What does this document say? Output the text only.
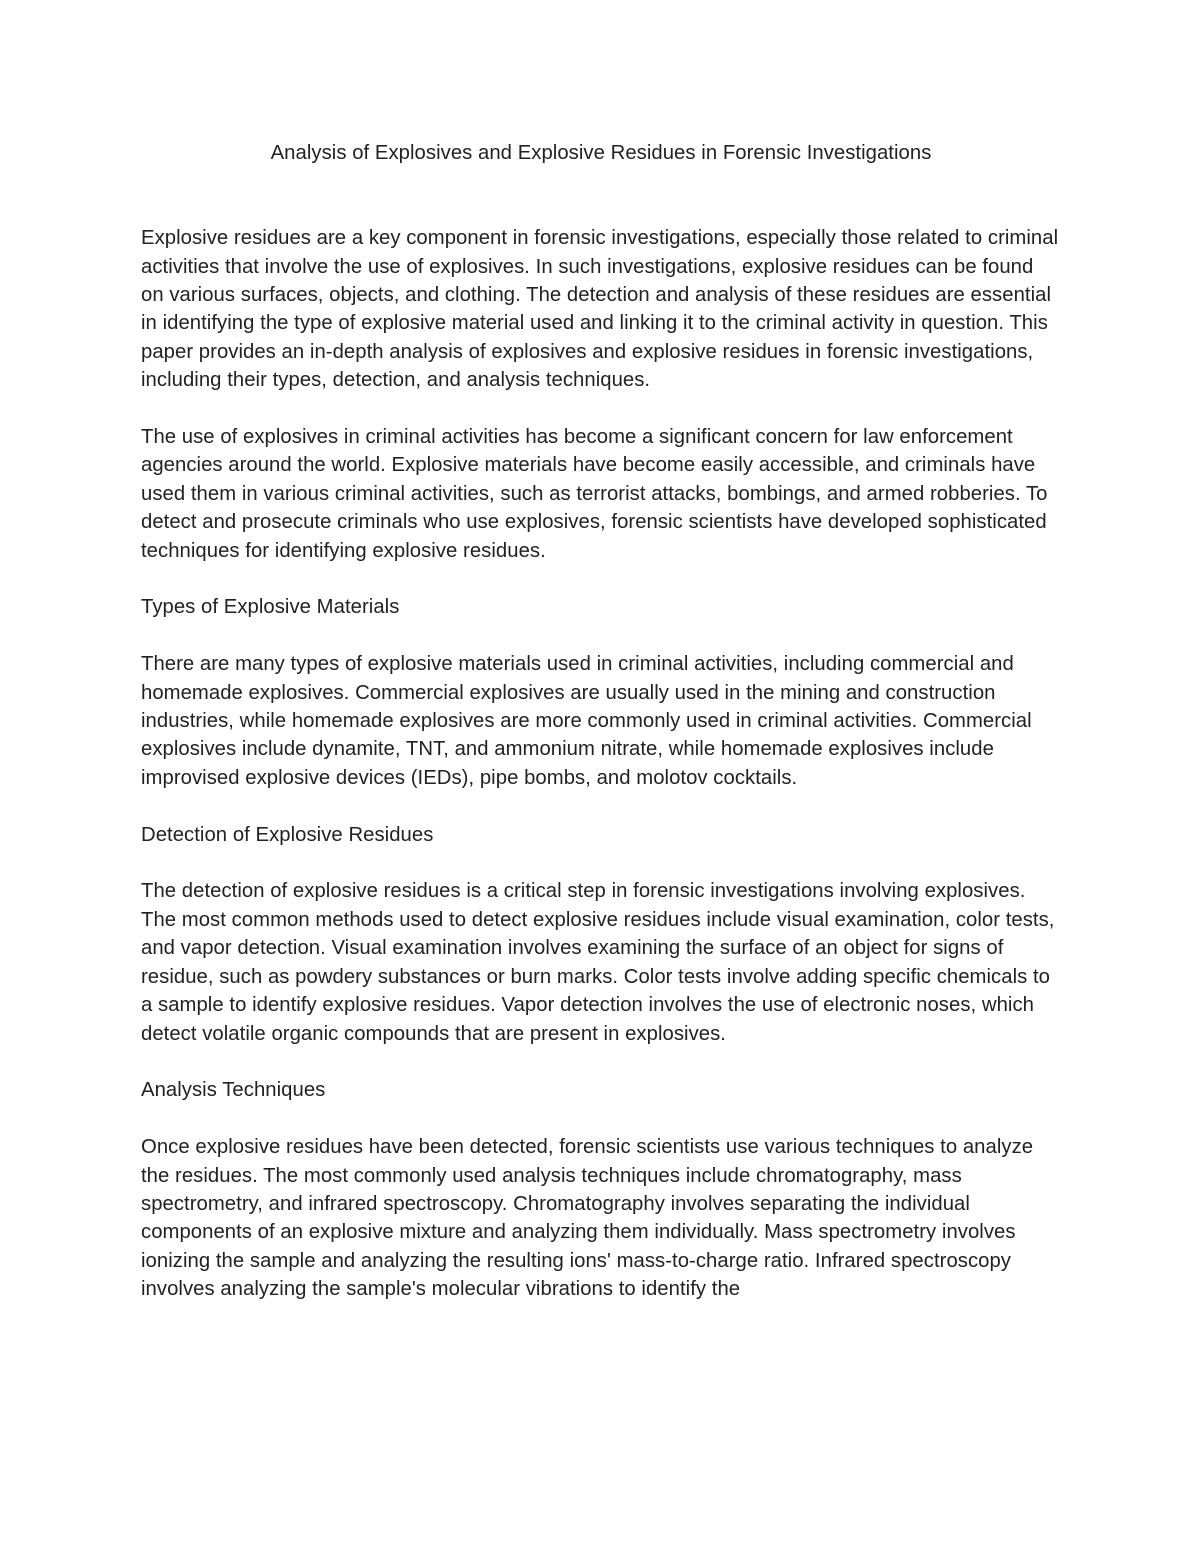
Analysis of Explosives and Explosive Residues in Forensic Investigations

Explosive residues are a key component in forensic investigations, especially those related to criminal activities that involve the use of explosives. In such investigations, explosive residues can be found on various surfaces, objects, and clothing. The detection and analysis of these residues are essential in identifying the type of explosive material used and linking it to the criminal activity in question. This paper provides an in-depth analysis of explosives and explosive residues in forensic investigations, including their types, detection, and analysis techniques.

The use of explosives in criminal activities has become a significant concern for law enforcement agencies around the world. Explosive materials have become easily accessible, and criminals have used them in various criminal activities, such as terrorist attacks, bombings, and armed robberies. To detect and prosecute criminals who use explosives, forensic scientists have developed sophisticated techniques for identifying explosive residues.

Types of Explosive Materials

There are many types of explosive materials used in criminal activities, including commercial and homemade explosives. Commercial explosives are usually used in the mining and construction industries, while homemade explosives are more commonly used in criminal activities. Commercial explosives include dynamite, TNT, and ammonium nitrate, while homemade explosives include improvised explosive devices (IEDs), pipe bombs, and molotov cocktails.

Detection of Explosive Residues

The detection of explosive residues is a critical step in forensic investigations involving explosives. The most common methods used to detect explosive residues include visual examination, color tests, and vapor detection. Visual examination involves examining the surface of an object for signs of residue, such as powdery substances or burn marks. Color tests involve adding specific chemicals to a sample to identify explosive residues. Vapor detection involves the use of electronic noses, which detect volatile organic compounds that are present in explosives.

Analysis Techniques

Once explosive residues have been detected, forensic scientists use various techniques to analyze the residues. The most commonly used analysis techniques include chromatography, mass spectrometry, and infrared spectroscopy. Chromatography involves separating the individual components of an explosive mixture and analyzing them individually. Mass spectrometry involves ionizing the sample and analyzing the resulting ions' mass-to-charge ratio. Infrared spectroscopy involves analyzing the sample's molecular vibrations to identify the
